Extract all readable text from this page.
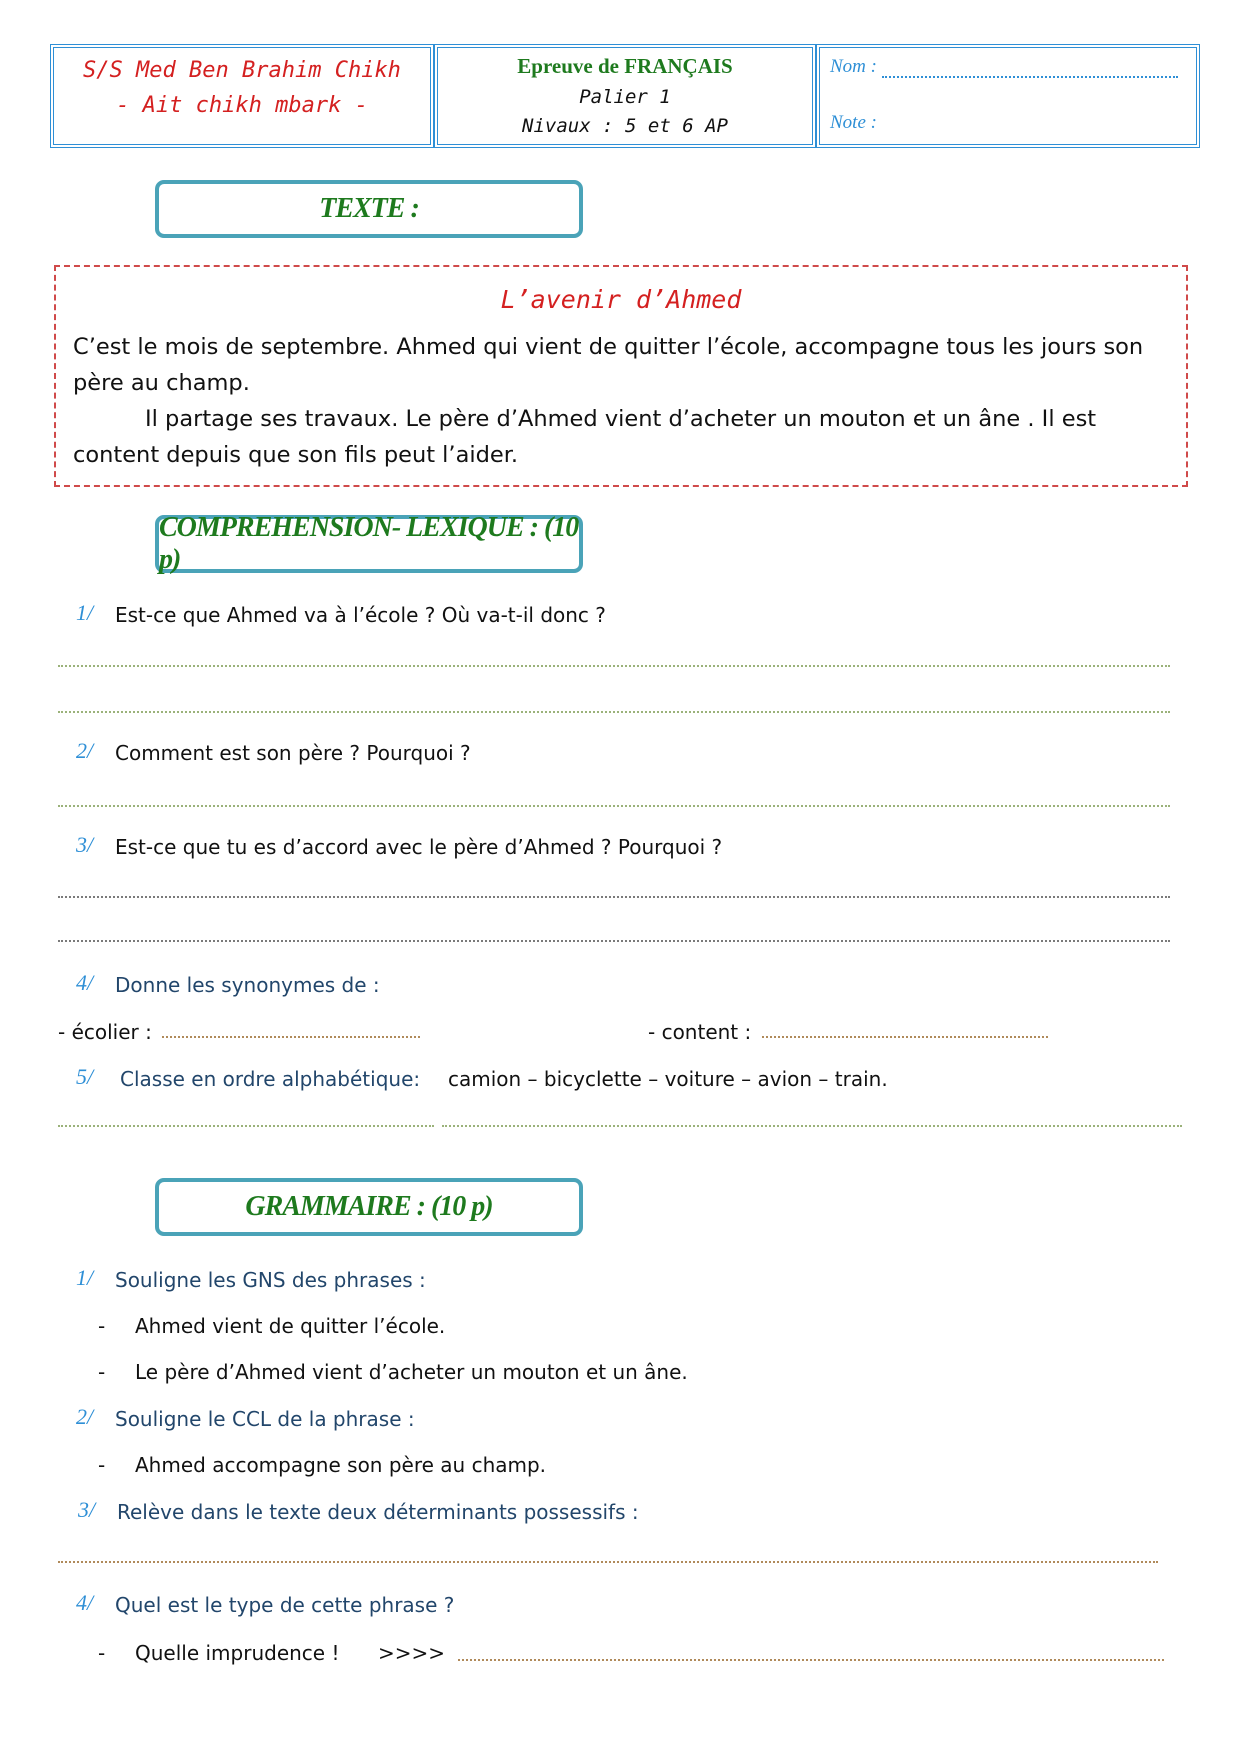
S/S Med Ben Brahim Chikh
- Ait chikh mbark -
Epreuve de FRANÇAIS
Palier 1
Nivaux : 5 et 6 AP
Nom :
Note :
TEXTE :
L’avenir d’Ahmed

C’est le mois de septembre. Ahmed qui vient de quitter l’école, accompagne tous les jours son père au champ.

Il partage ses travaux. Le père d’Ahmed vient d’acheter un mouton et un âne . Il est content depuis que son fils peut l’aider.

COMPREHENSION- LEXIQUE : (10 p)
1/ Est-ce que Ahmed va à l’école ? Où va-t-il donc ?
2/ Comment est son père ? Pourquoi ?
3/ Est-ce que tu es d’accord avec le père d’Ahmed ? Pourquoi ?
4/ Donne les synonymes de :
- écolier :	- content :
5/ Classe en ordre alphabétique: camion – bicyclette – voiture – avion – train.
GRAMMAIRE : (10 p)
1/ Souligne les GNS des phrases :
- Ahmed vient de quitter l’école.
- Le père d’Ahmed vient d’acheter un mouton et un âne.
2/ Souligne le CCL de la phrase :
- Ahmed accompagne son père au champ.
3/ Relève dans le texte deux déterminants possessifs :
4/ Quel est le type de cette phrase ?
- Quelle imprudence ! >>>>
